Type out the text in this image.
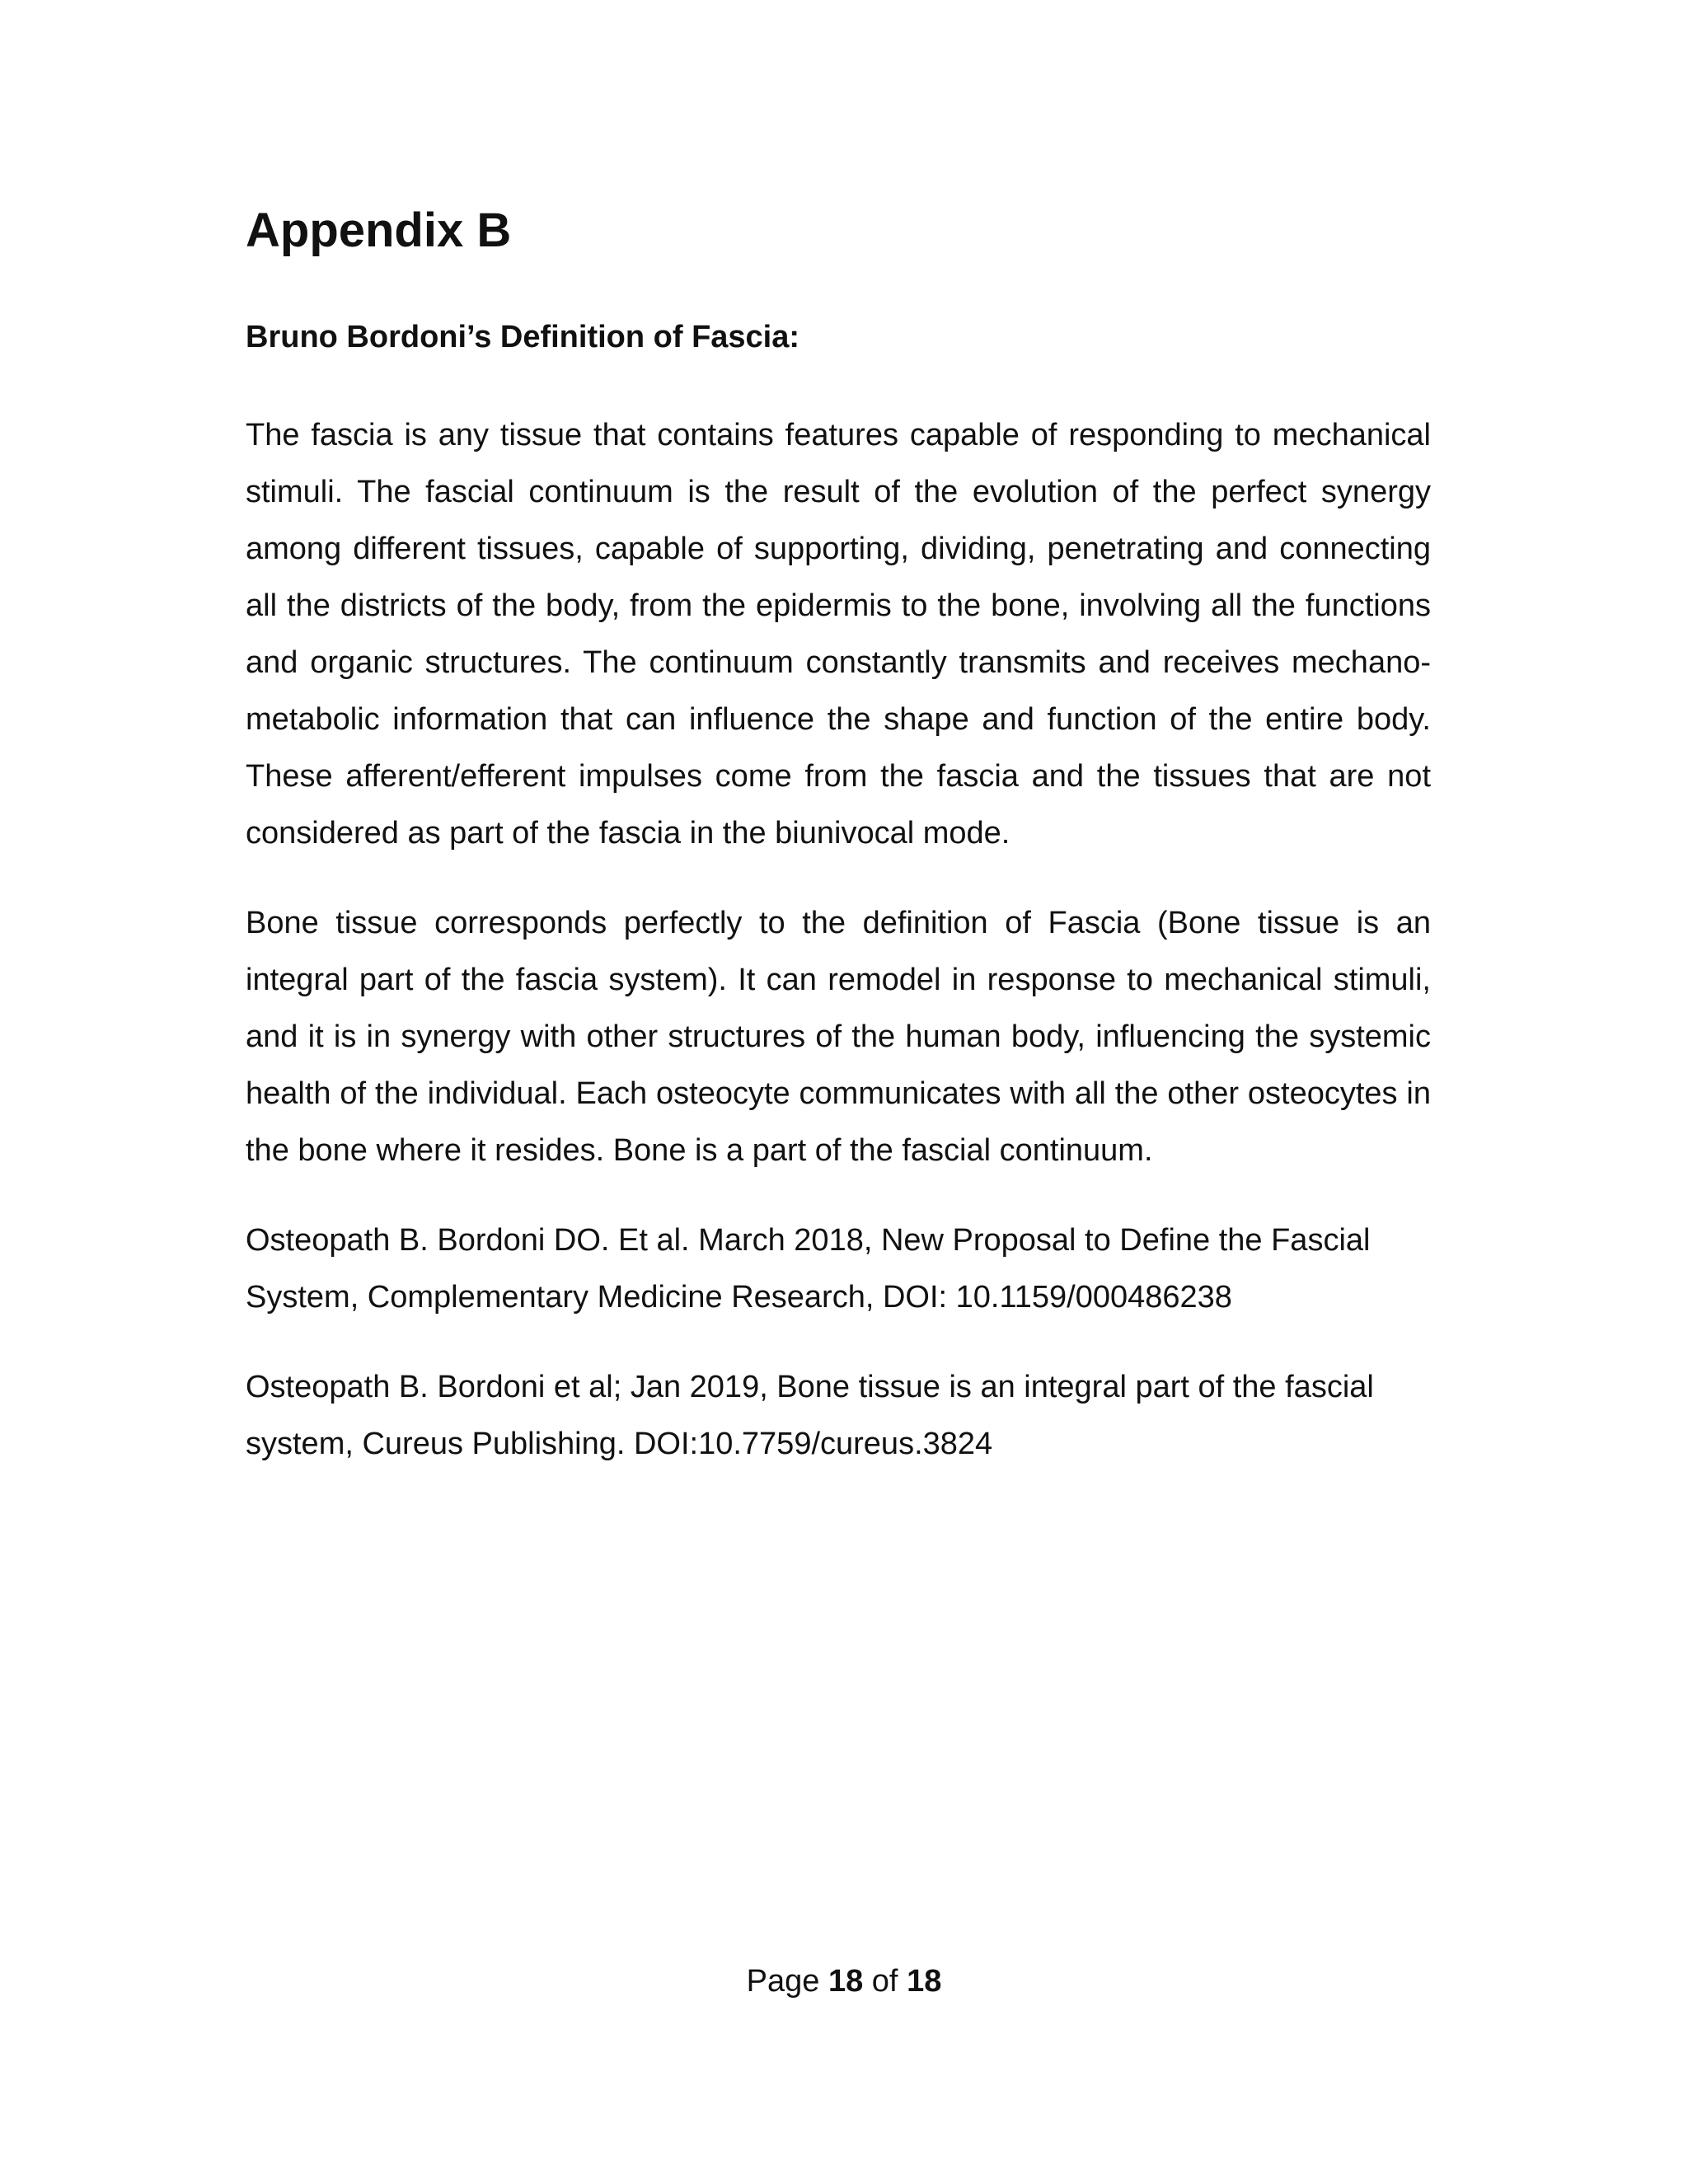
Appendix B
Bruno Bordoni’s Definition of Fascia:

The fascia is any tissue that contains features capable of responding to mechanical stimuli. The fascial continuum is the result of the evolution of the perfect synergy among different tissues, capable of supporting, dividing, penetrating and connecting all the districts of the body, from the epidermis to the bone, involving all the functions and organic structures. The continuum constantly transmits and receives mechano-metabolic information that can influence the shape and function of the entire body. These afferent/efferent impulses come from the fascia and the tissues that are not considered as part of the fascia in the biunivocal mode.

Bone tissue corresponds perfectly to the definition of Fascia (Bone tissue is an integral part of the fascia system). It can remodel in response to mechanical stimuli, and it is in synergy with other structures of the human body, influencing the systemic health of the individual. Each osteocyte communicates with all the other osteocytes in the bone where it resides. Bone is a part of the fascial continuum.

Osteopath B. Bordoni DO. Et al. March 2018, New Proposal to Define the Fascial System, Complementary Medicine Research, DOI: 10.1159/000486238

Osteopath B. Bordoni et al; Jan 2019, Bone tissue is an integral part of the fascial system, Cureus Publishing. DOI:10.7759/cureus.3824

Page 18 of 18
